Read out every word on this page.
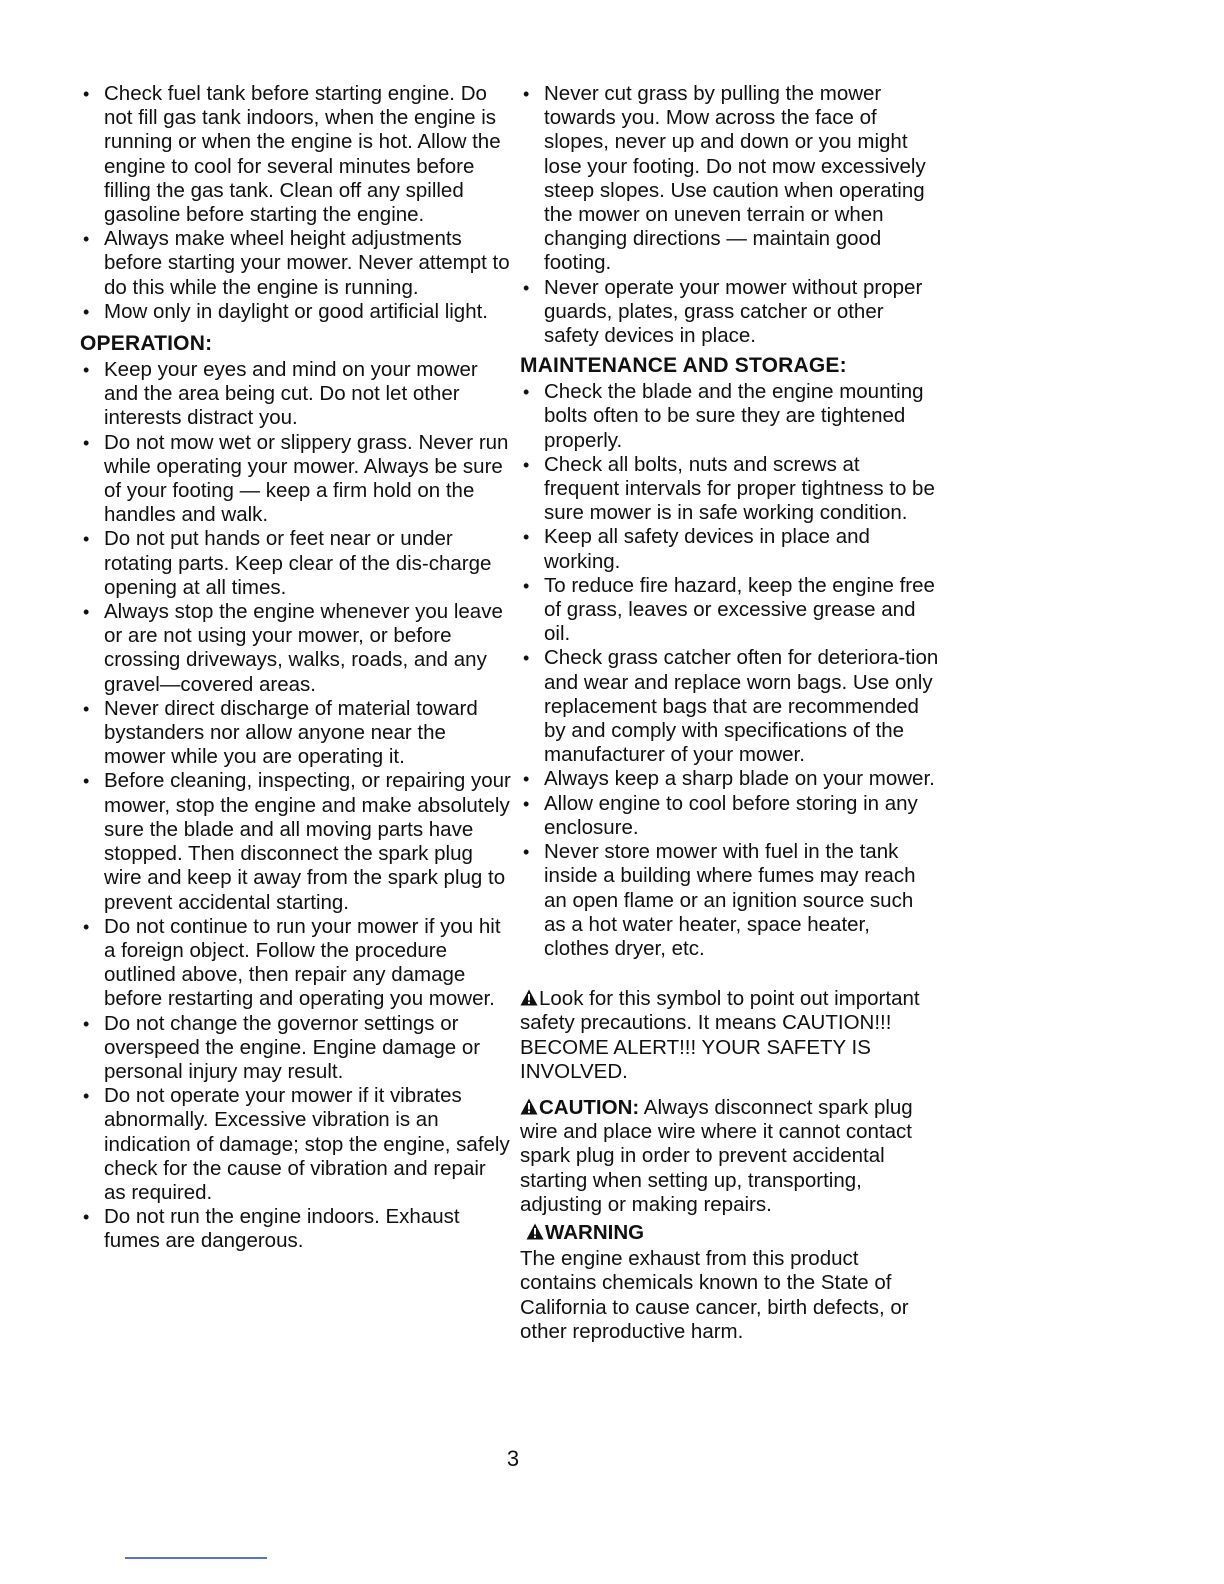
• Check fuel tank before starting engine. Do not fill gas tank indoors, when the engine is running or when the engine is hot. Allow the engine to cool for several minutes before filling the gas tank. Clean off any spilled gasoline before starting the engine.
• Always make wheel height adjustments before starting your mower. Never attempt to do this while the engine is running.
• Mow only in daylight or good artificial light.
OPERATION:
• Keep your eyes and mind on your mower and the area being cut. Do not let other interests distract you.
• Do not mow wet or slippery grass. Never run while operating your mower. Always be sure of your footing — keep a firm hold on the handles and walk.
• Do not put hands or feet near or under rotating parts. Keep clear of the dis-charge opening at all times.
• Always stop the engine whenever you leave or are not using your mower, or before crossing driveways, walks, roads, and any gravel—covered areas.
• Never direct discharge of material toward bystanders nor allow anyone near the mower while you are operating it.
• Before cleaning, inspecting, or repairing your mower, stop the engine and make absolutely sure the blade and all moving parts have stopped. Then disconnect the spark plug wire and keep it away from the spark plug to prevent accidental starting.
• Do not continue to run your mower if you hit a foreign object. Follow the procedure outlined above, then repair any damage before restarting and operating you mower.
• Do not change the governor settings or overspeed the engine. Engine damage or personal injury may result.
• Do not operate your mower if it vibrates abnormally. Excessive vibration is an indication of damage; stop the engine, safely check for the cause of vibration and repair as required.
• Do not run the engine indoors. Exhaust fumes are dangerous.
• Never cut grass by pulling the mower towards you. Mow across the face of slopes, never up and down or you might lose your footing. Do not mow excessively steep slopes. Use caution when operating the mower on uneven terrain or when changing directions — maintain good footing.
• Never operate your mower without proper guards, plates, grass catcher or other safety devices in place.
MAINTENANCE AND STORAGE:
• Check the blade and the engine mounting bolts often to be sure they are tightened properly.
• Check all bolts, nuts and screws at frequent intervals for proper tightness to be sure mower is in safe working condition.
• Keep all safety devices in place and working.
• To reduce fire hazard, keep the engine free of grass, leaves or excessive grease and oil.
• Check grass catcher often for deteriora-tion and wear and replace worn bags. Use only replacement bags that are recommended by and comply with specifications of the manufacturer of your mower.
• Always keep a sharp blade on your mower.
• Allow engine to cool before storing in any enclosure.
• Never store mower with fuel in the tank inside a building where fumes may reach an open flame or an ignition source such as a hot water heater, space heater, clothes dryer, etc.

Look for this symbol to point out important safety precautions. It means CAUTION!!! BECOME ALERT!!! YOUR SAFETY IS INVOLVED.

CAUTION: Always disconnect spark plug wire and place wire where it cannot contact spark plug in order to prevent accidental starting when setting up, transporting, adjusting or making repairs.

WARNING

The engine exhaust from this product contains chemicals known to the State of California to cause cancer, birth defects, or other reproductive harm.

3
